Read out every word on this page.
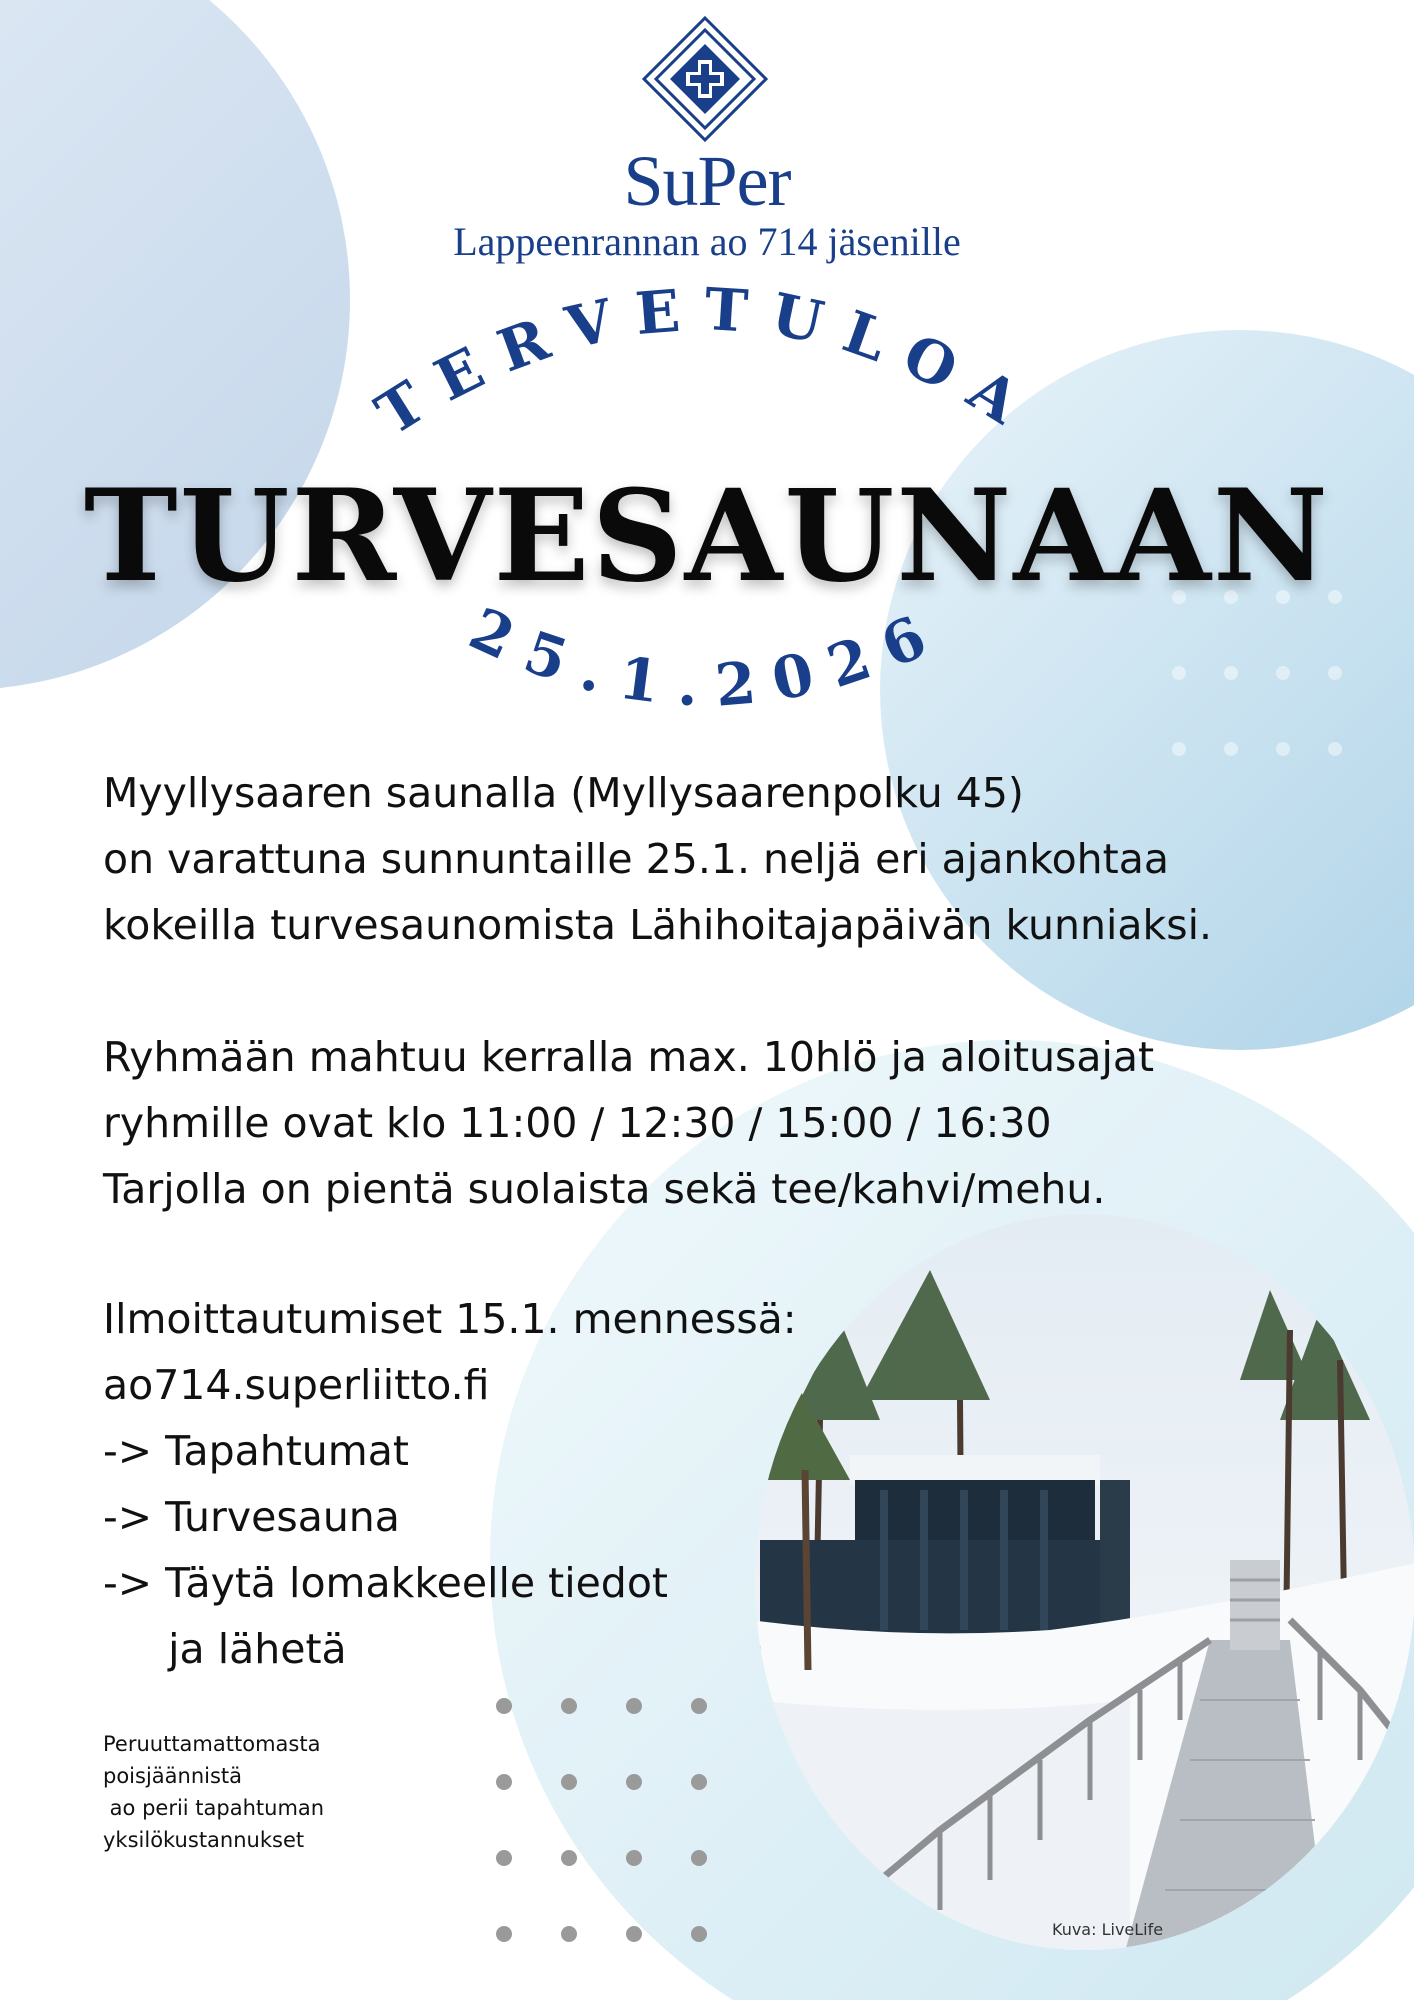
SuPer
Lappeenrannan ao 714 jäsenille
TERVETULOA
25.1.2026
TURVESAUNAAN
Myyllysaaren saunalla (Myllysaarenpolku 45)
on varattuna sunnuntaille 25.1. neljä eri ajankohtaa
kokeilla turvesaunomista Lähihoitajapäivän kunniaksi.
Ryhmään mahtuu kerralla max. 10hlö ja aloitusajat
ryhmille ovat klo 11:00 / 12:30 / 15:00 / 16:30
Tarjolla on pientä suolaista sekä tee/kahvi/mehu.
Ilmoittautumiset 15.1. mennessä:
ao714.superliitto.fi
-> Tapahtumat
-> Turvesauna
-> Täytä lomakkeelle tiedot
ja lähetä
Peruuttamattomasta
poisjäännistä
ao perii tapahtuman
yksilökustannukset
Kuva: LiveLife
